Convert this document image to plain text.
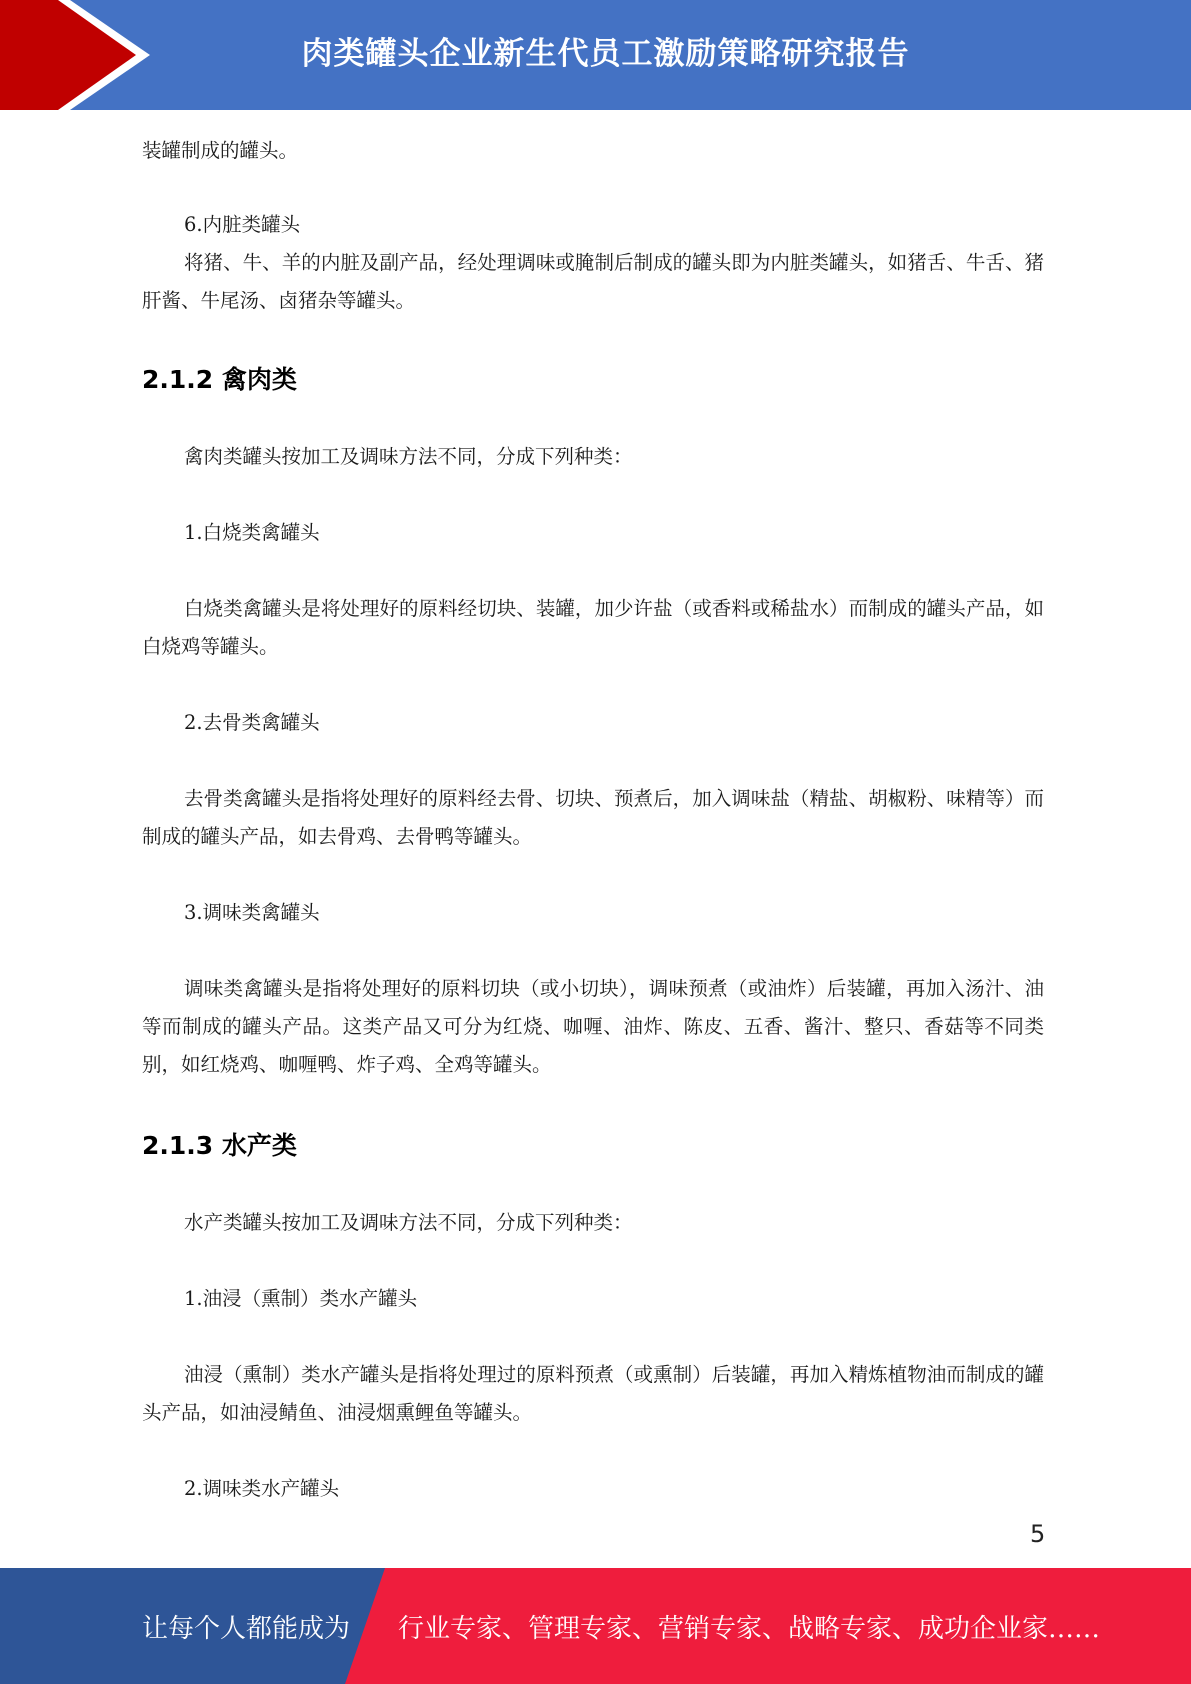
肉类罐头企业新生代员工激励策略研究报告

装罐制成的罐头。

6.内脏类罐头

将猪、牛、羊的内脏及副产品，经处理调味或腌制后制成的罐头即为内脏类罐头，如猪舌、牛舌、猪肝酱、牛尾汤、卤猪杂等罐头。

2.1.2 禽肉类

禽肉类罐头按加工及调味方法不同，分成下列种类：

1.白烧类禽罐头

白烧类禽罐头是将处理好的原料经切块、装罐，加少许盐（或香料或稀盐水）而制成的罐头产品，如白烧鸡等罐头。

2.去骨类禽罐头

去骨类禽罐头是指将处理好的原料经去骨、切块、预煮后，加入调味盐（精盐、胡椒粉、味精等）而制成的罐头产品，如去骨鸡、去骨鸭等罐头。

3.调味类禽罐头

调味类禽罐头是指将处理好的原料切块（或小切块），调味预煮（或油炸）后装罐，再加入汤汁、油等而制成的罐头产品。这类产品又可分为红烧、咖喱、油炸、陈皮、五香、酱汁、整只、香菇等不同类别，如红烧鸡、咖喱鸭、炸子鸡、全鸡等罐头。

2.1.3 水产类

水产类罐头按加工及调味方法不同，分成下列种类：

1.油浸（熏制）类水产罐头

油浸（熏制）类水产罐头是指将处理过的原料预煮（或熏制）后装罐，再加入精炼植物油而制成的罐头产品，如油浸鲭鱼、油浸烟熏鲤鱼等罐头。

2.调味类水产罐头

5
让每个人都能成为 行业专家、管理专家、营销专家、战略专家、成功企业家……
